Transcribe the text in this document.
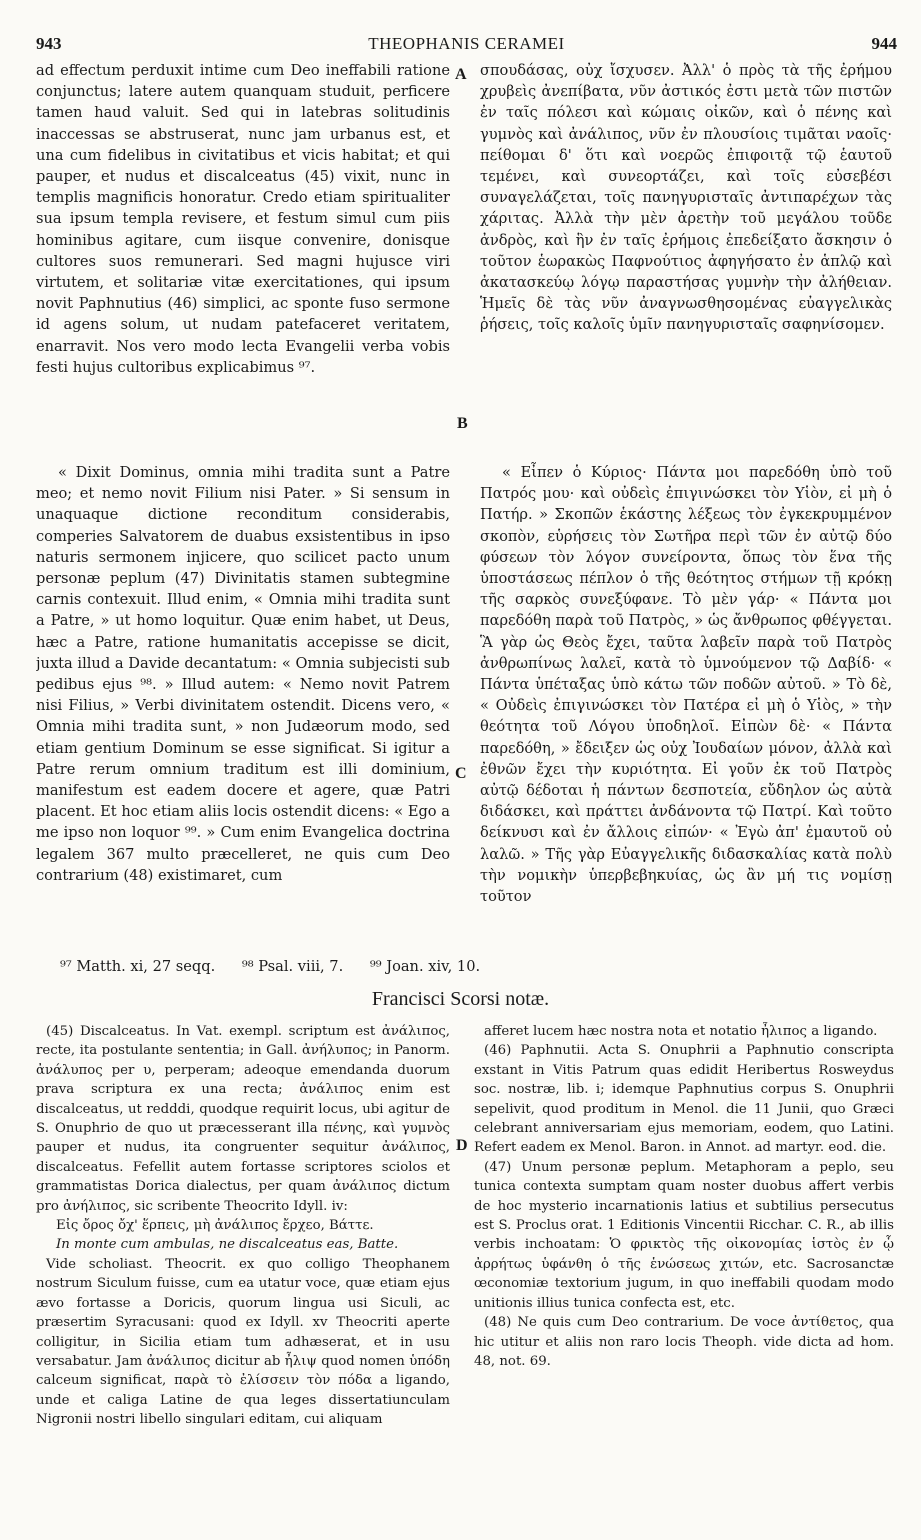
943	THEOPHANIS CERAMEI	944

ad effectum perduxit intime cum Deo ineffabili ratione conjunctus; latere autem quanquam studuit, perficere tamen haud valuit. Sed qui in latebras solitudinis inaccessas se abstruserat, nunc jam urbanus est, et una cum fidelibus in civitatibus et vicis habitat; et qui pauper, et nudus et discalceatus (45) vixit, nunc in templis magnificis honoratur. Credo etiam spiritualiter sua ipsum templa revisere, et festum simul cum piis hominibus agitare, cum iisque convenire, donisque cultores suos remunerari. Sed magni hujusce viri virtutem, et solitariæ vitæ exercitationes, qui ipsum novit Paphnutius (46) simplici, ac sponte fuso sermone id agens solum, ut nudam patefaceret veritatem, enarravit. Nos vero modo lecta Evangelii verba vobis festi hujus cultoribus explicabimus ⁹⁷.

A σπουδάσας, οὐχ ἴσχυσεν. Ἀλλ' ὁ πρὸς τὰ τῆς ἐρήμου χρυβεὶς ἀνεπίβατα, νῦν ἀστικός ἐστι μετὰ τῶν πιστῶν ἐν ταῖς πόλεσι καὶ κώμαις οἰκῶν, καὶ ὁ πένης καὶ γυμνὸς καὶ ἀνάλιπος, νῦν ἐν πλουσίοις τιμᾶται ναοῖς· πείθομαι δ' ὅτι καὶ νοερῶς ἐπιφοιτᾷ τῷ ἑαυτοῦ τεμένει, καὶ συνεορτάζει, καὶ τοῖς εὐσεβέσι συναγελάζεται, τοῖς πανηγυρισταῖς ἀντιπαρέχων τὰς χάριτας. Ἀλλὰ τὴν μὲν ἀρετὴν τοῦ μεγάλου τοῦδε ἀνδρὸς, καὶ ἣν ἐν ταῖς ἐρήμοις ἐπεδείξατο ἄσκησιν ὁ τοῦτον ἑωρακὼς Παφνούτιος ἀφηγήσατο ἐν ἁπλῷ καὶ ἀκατασκεύῳ λόγῳ παραστήσας γυμνὴν τὴν ἀλήθειαν. Ἡμεῖς δὲ τὰς νῦν ἀναγνωσθησομένας εὐαγγελικὰς ῥήσεις, τοῖς καλοῖς ὑμῖν πανηγυρισταῖς σαφηνίσομεν.

B

« Dixit Dominus, omnia mihi tradita sunt a Patre meo; et nemo novit Filium nisi Pater. » Si sensum in unaquaque dictione reconditum considerabis, comperies Salvatorem de duabus exsistentibus in ipso naturis sermonem injicere, quo scilicet pacto unum personæ peplum (47) Divinitatis stamen subtegmine carnis contexuit. Illud enim, « Omnia mihi tradita sunt a Patre, » ut homo loquitur. Quæ enim habet, ut Deus, hæc a Patre, ratione humanitatis accepisse se dicit, juxta illud a Davide decantatum: « Omnia subjecisti sub pedibus ejus ⁹⁸. » Illud autem: « Nemo novit Patrem nisi Filius, » Verbi divinitatem ostendit. Dicens vero, « Omnia mihi tradita sunt, » non Judæorum modo, sed etiam gentium Dominum se esse significat. Si igitur a Patre rerum omnium traditum est illi dominium, manifestum est eadem docere et agere, quæ Patri placent. Et hoc etiam aliis locis ostendit dicens: « Ego a me ipso non loquor ⁹⁹. » Cum enim Evangelica doctrina legalem 367 multo præcelleret, ne quis cum Deo contrarium (48) existimaret, cum

C

« Εἶπεν ὁ Κύριος· Πάντα μοι παρεδόθη ὑπὸ τοῦ Πατρός μου· καὶ οὐδεὶς ἐπιγινώσκει τὸν Υἱὸν, εἰ μὴ ὁ Πατήρ. » Σκοπῶν ἑκάστης λέξεως τὸν ἐγκεκρυμμένον σκοπὸν, εὑρήσεις τὸν Σωτῆρα περὶ τῶν ἐν αὐτῷ δύο φύσεων τὸν λόγον συνείροντα, ὅπως τὸν ἕνα τῆς ὑποστάσεως πέπλον ὁ τῆς θεότητος στήμων τῇ κρόκῃ τῆς σαρκὸς συνεξύφανε. Τὸ μὲν γάρ· « Πάντα μοι παρεδόθη παρὰ τοῦ Πατρὸς, » ὡς ἄνθρωπος φθέγγεται. Ἃ γὰρ ὡς Θεὸς ἔχει, ταῦτα λαβεῖν παρὰ τοῦ Πατρὸς ἀνθρωπίνως λαλεῖ, κατὰ τὸ ὑμνούμενον τῷ Δαβίδ· « Πάντα ὑπέταξας ὑπὸ κάτω τῶν ποδῶν αὐτοῦ. » Τὸ δὲ, « Οὐδεὶς ἐπιγινώσκει τὸν Πατέρα εἰ μὴ ὁ Υἱὸς, » τὴν θεότητα τοῦ Λόγου ὑποδηλοῖ. Εἰπὼν δὲ· « Πάντα παρεδόθη, » ἔδειξεν ὡς οὐχ Ἰουδαίων μόνον, ἀλλὰ καὶ ἐθνῶν ἔχει τὴν κυριότητα. Εἰ γοῦν ἐκ τοῦ Πατρὸς αὐτῷ δέδοται ἡ πάντων δεσποτεία, εὔδηλον ὡς αὐτὰ διδάσκει, καὶ πράττει ἀνδάνοντα τῷ Πατρί. Καὶ τοῦτο δείκνυσι καὶ ἐν ἄλλοις εἰπών· « Ἐγὼ ἀπ' ἐμαυτοῦ οὐ λαλῶ. » Τῆς γὰρ Εὐαγγελικῆς διδασκαλίας κατὰ πολὺ τὴν νομικὴν ὑπερβεβηκυίας, ὡς ἂν μή τις νομίσῃ τοῦτον

⁹⁷ Matth. xi, 27 seqq. ⁹⁸ Psal. viii, 7. ⁹⁹ Joan. xiv, 10.
Francisci Scorsi notæ.

(45) Discalceatus. In Vat. exempl. scriptum est ἀνάλιπος, recte, ita postulante sententia; in Gall. ἀνήλυπος; in Panorm. ἀνάλυπος per υ, perperam; adeoque emendanda duorum prava scriptura ex una recta; ἀνάλιπος enim est discalceatus, ut redddi, quodque requirit locus, ubi agitur de S. Onuphrio de quo ut præcesserant illa πένης, καὶ γυμνὸς pauper et nudus, ita congruenter sequitur ἀνάλιπος, discalceatus. Fefellit autem fortasse scriptores sciolos et grammatistas Dorica dialectus, per quam ἀνάλιπος dictum pro ἀνήλιπος, sic scribente Theocrito Idyll. iv:

Εἰς ὄρος ὄχ' ἕρπεις, μὴ ἀνάλιπος ἔρχεο, Βάττε.

In monte cum ambulas, ne discalceatus eas, Batte.

Vide scholiast. Theocrit. ex quo colligo Theophanem nostrum Siculum fuisse, cum ea utatur voce, quæ etiam ejus ævo fortasse a Doricis, quorum lingua usi Siculi, ac præsertim Syracusani: quod ex Idyll. xv Theocriti aperte colligitur, in Sicilia etiam tum adhæserat, et in usu versabatur. Jam ἀνάλιπος dicitur ab ἦλιψ quod nomen ὑπόδη calceum significat, παρὰ τὸ ἐλίσσειν τὸν πόδα a ligando, unde et caliga Latine de qua leges dissertatiunculam Nigronii nostri libello singulari editam, cui aliquam

D

afferet lucem hæc nostra nota et notatio ἦλιπος a ligando.

(46) Paphnutii. Acta S. Onuphrii a Paphnutio conscripta exstant in Vitis Patrum quas edidit Heribertus Rosweydus soc. nostræ, lib. i; idemque Paphnutius corpus S. Onuphrii sepelivit, quod proditum in Menol. die 11 Junii, quo Græci celebrant anniversariam ejus memoriam, eodem, quo Latini. Refert eadem ex Menol. Baron. in Annot. ad martyr. eod. die.

(47) Unum personæ peplum. Metaphoram a peplo, seu tunica contexta sumptam quam noster duobus affert verbis de hoc mysterio incarnationis latius et subtilius persecutus est S. Proclus orat. 1 Editionis Vincentii Ricchar. C. R., ab illis verbis inchoatam: Ὁ φρικτὸς τῆς οἰκονομίας ἱστὸς ἐν ᾧ ἀρρήτως ὑφάνθη ὁ τῆς ἑνώσεως χιτών, etc. Sacrosanctæ œconomiæ textorium jugum, in quo ineffabili quodam modo unitionis illius tunica confecta est, etc.

(48) Ne quis cum Deo contrarium. De voce ἀντίθετος, qua hic utitur et aliis non raro locis Theoph. vide dicta ad hom. 48, not. 69.
